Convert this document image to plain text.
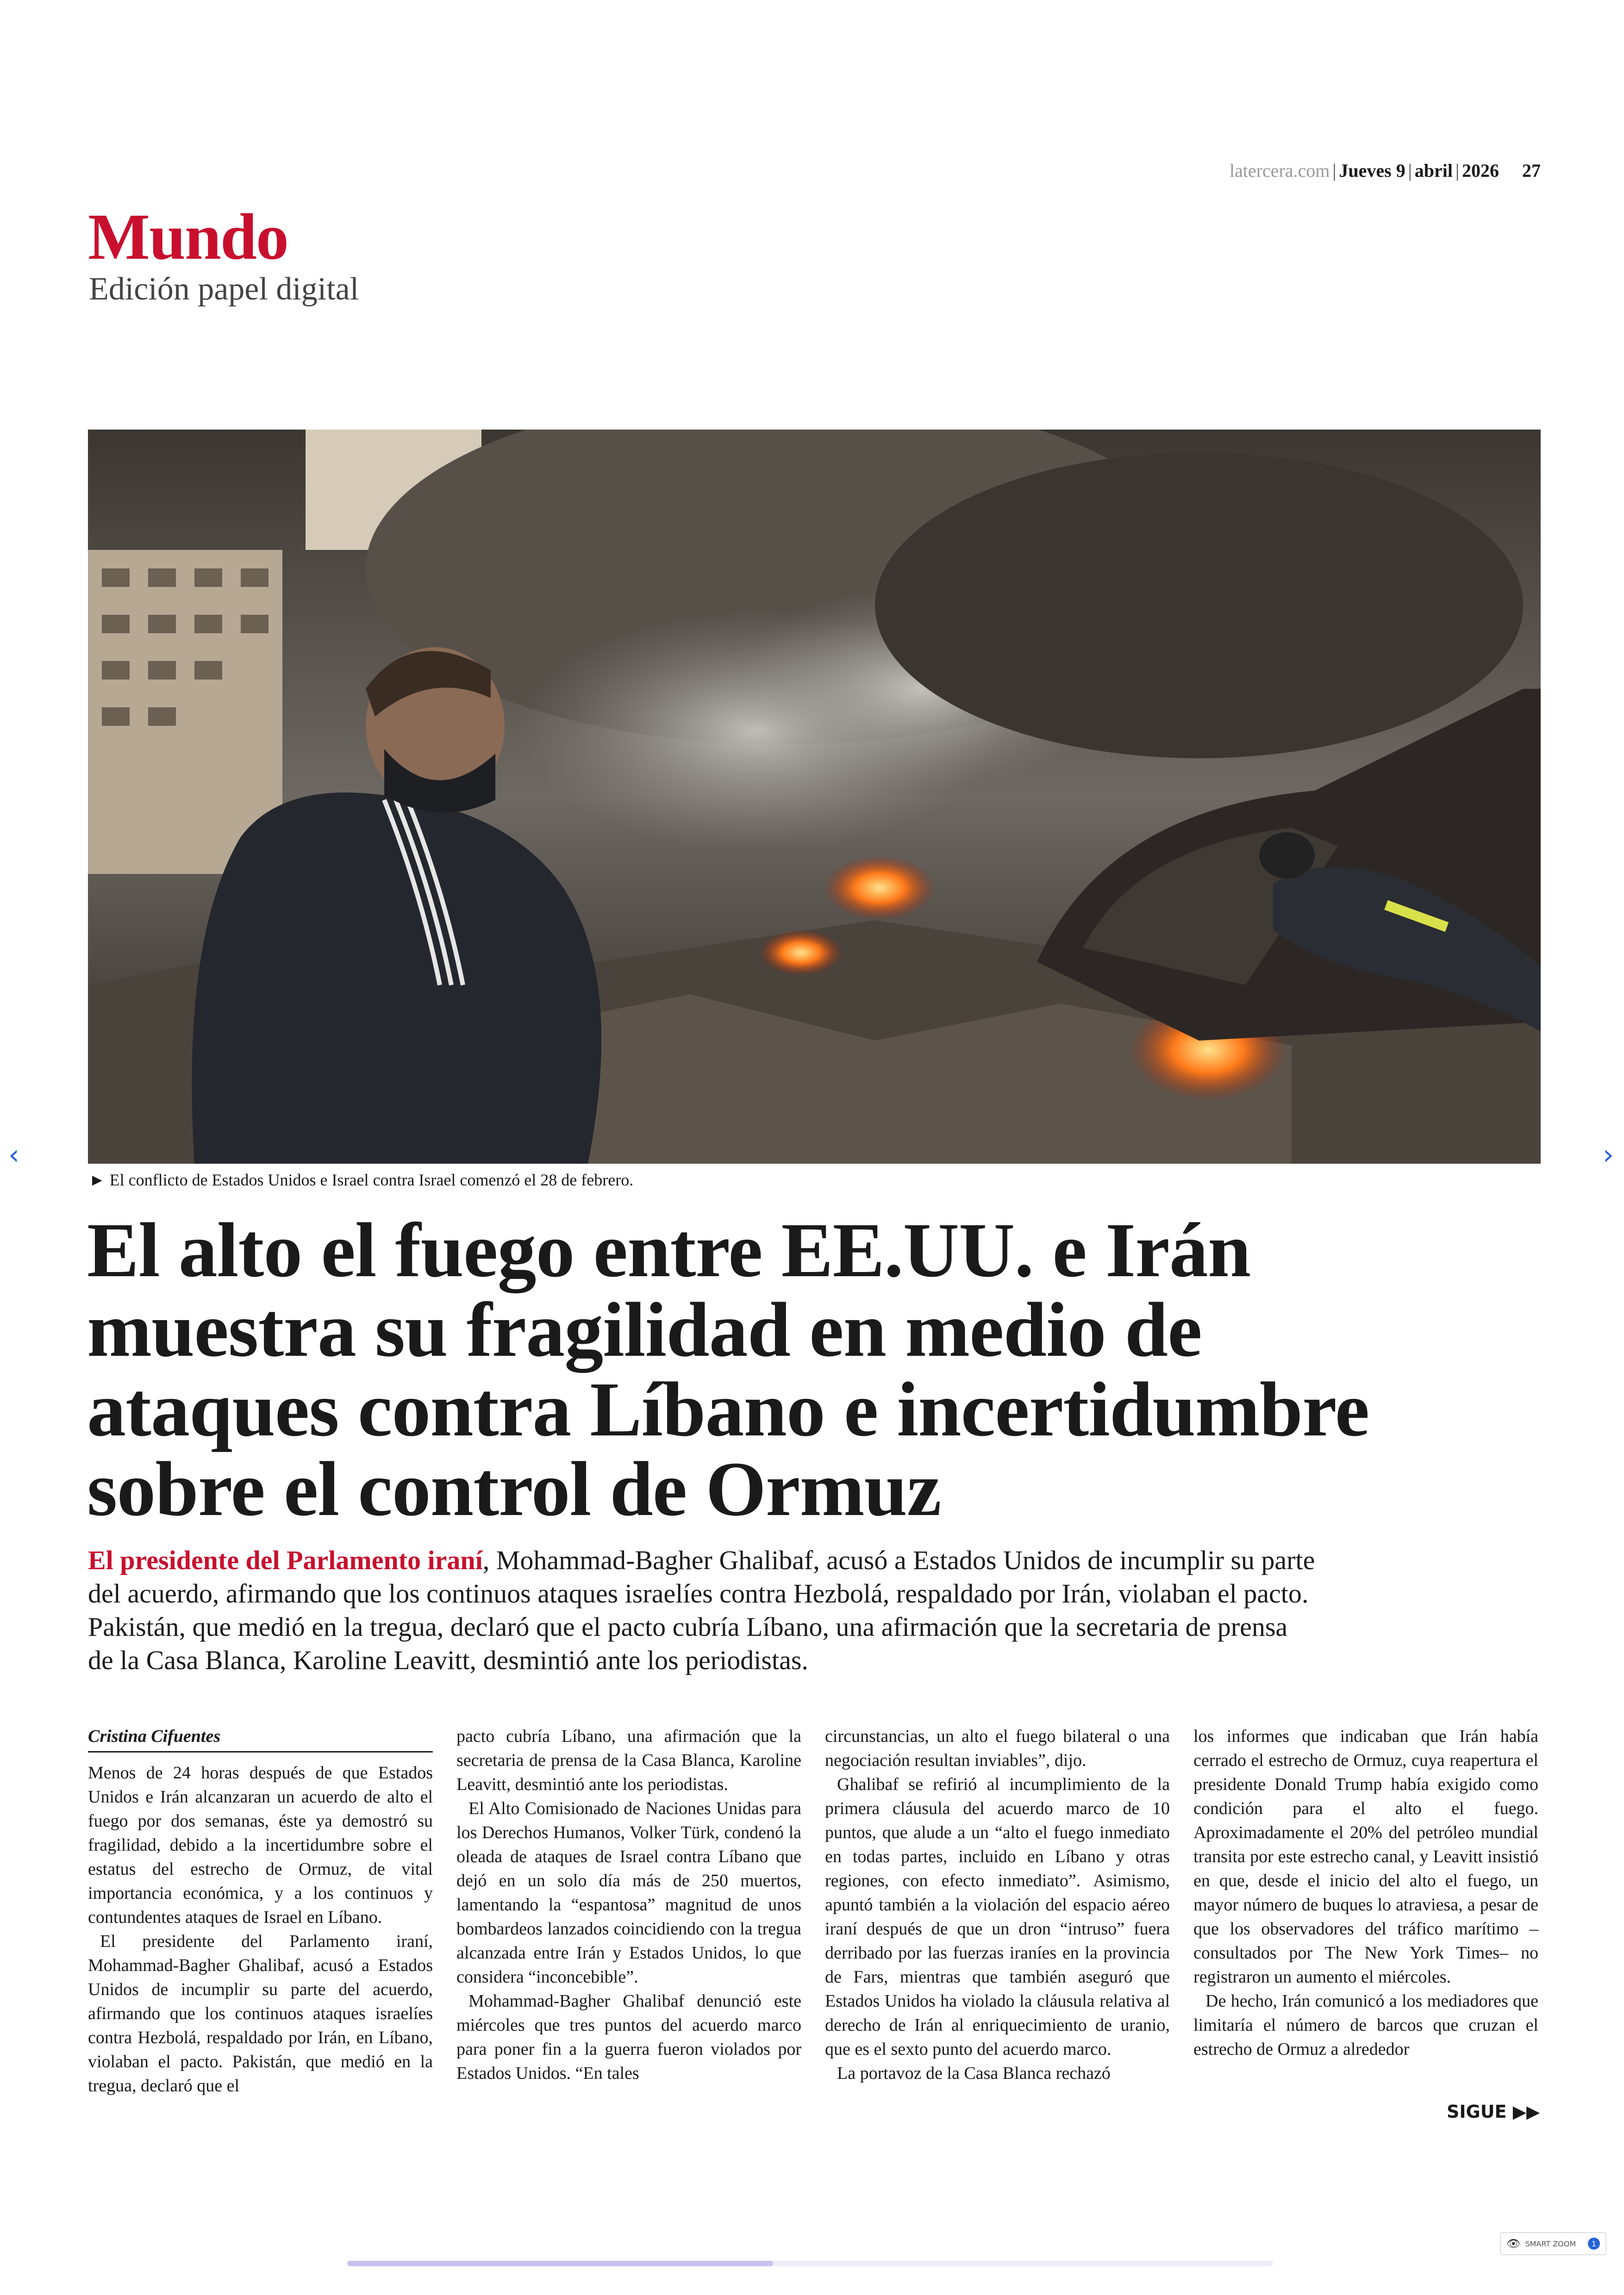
latercera.com | Jueves 9 | abril | 2026 27
Mundo
Edición papel digital
► El conflicto de Estados Unidos e Israel contra Israel comenzó el 28 de febrero.
‹	›
El alto el fuego entre EE.UU. e Irán
muestra su fragilidad en medio de
ataques contra Líbano e incertidumbre
sobre el control de Ormuz
El presidente del Parlamento iraní, Mohammad-Bagher Ghalibaf, acusó a Estados Unidos de incumplir su parte del acuerdo, afirmando que los continuos ataques israelíes contra Hezbolá, respaldado por Irán, violaban el pacto. Pakistán, que medió en la tregua, declaró que el pacto cubría Líbano, una afirmación que la secretaria de prensa de la Casa Blanca, Karoline Leavitt, desmintió ante los periodistas.
Cristina Cifuentes

Menos de 24 horas después de que Estados Unidos e Irán alcanzaran un acuerdo de alto el fuego por dos semanas, éste ya demostró su fragilidad, debido a la incertidumbre sobre el estatus del estrecho de Ormuz, de vital importancia económica, y a los continuos y contundentes ataques de Israel en Líbano.

El presidente del Parlamento iraní, Mohammad-Bagher Ghalibaf, acusó a Estados Unidos de incumplir su parte del acuerdo, afirmando que los continuos ataques israelíes contra Hezbolá, respaldado por Irán, en Líbano, violaban el pacto. Pakistán, que medió en la tregua, declaró que el

pacto cubría Líbano, una afirmación que la secretaria de prensa de la Casa Blanca, Karoline Leavitt, desmintió ante los periodistas.

El Alto Comisionado de Naciones Unidas para los Derechos Humanos, Volker Türk, condenó la oleada de ataques de Israel contra Líbano que dejó en un solo día más de 250 muertos, lamentando la “espantosa” magnitud de unos bombardeos lanzados coincidiendo con la tregua alcanzada entre Irán y Estados Unidos, lo que considera “inconcebible”.

Mohammad-Bagher Ghalibaf denunció este miércoles que tres puntos del acuerdo marco para poner fin a la guerra fueron violados por Estados Unidos. “En tales

circunstancias, un alto el fuego bilateral o una negociación resultan inviables”, dijo.

Ghalibaf se refirió al incumplimiento de la primera cláusula del acuerdo marco de 10 puntos, que alude a un “alto el fuego inmediato en todas partes, incluido en Líbano y otras regiones, con efecto inmediato”. Asimismo, apuntó también a la violación del espacio aéreo iraní después de que un dron “intruso” fuera derribado por las fuerzas iraníes en la provincia de Fars, mientras que también aseguró que Estados Unidos ha violado la cláusula relativa al derecho de Irán al enriquecimiento de uranio, que es el sexto punto del acuerdo marco.

La portavoz de la Casa Blanca rechazó

los informes que indicaban que Irán había cerrado el estrecho de Ormuz, cuya reapertura el presidente Donald Trump había exigido como condición para el alto el fuego. Aproximadamente el 20% del petróleo mundial transita por este estrecho canal, y Leavitt insistió en que, desde el inicio del alto el fuego, un mayor número de buques lo atraviesa, a pesar de que los observadores del tráfico marítimo –consultados por The New York Times– no registraron un aumento el miércoles.

De hecho, Irán comunicó a los mediadores que limitaría el número de barcos que cruzan el estrecho de Ormuz a alrededor

SIGUE ▶▶
👁 SMART ZOOM	1
